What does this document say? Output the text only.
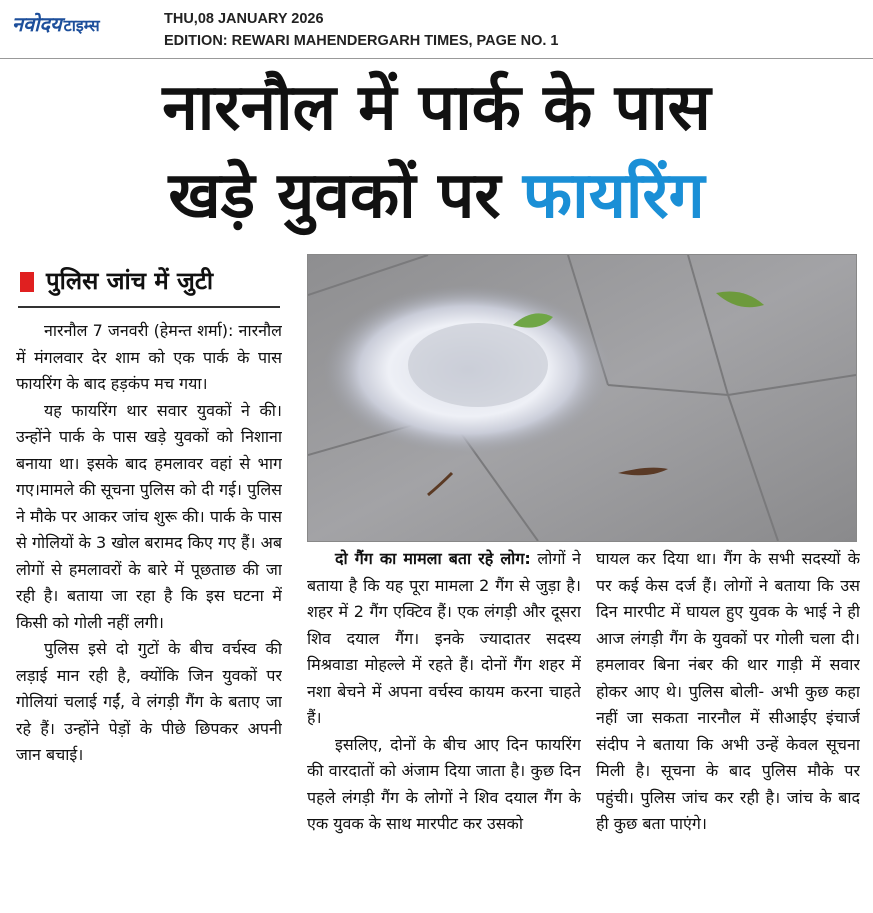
नवोदय टाइम्स	THU,08 JANUARY 2026
EDITION: REWARI MAHENDERGARH TIMES, PAGE NO. 1
नारनौल में पार्क के पास
खड़े युवकों पर फायरिंग
पुलिस जांच में जुटी

नारनौल 7 जनवरी (हेमन्त शर्मा): नारनौल में मंगलवार देर शाम को एक पार्क के पास फायरिंग के बाद हड़कंप मच गया।

यह फायरिंग थार सवार युवकों ने की। उन्होंने पार्क के पास खड़े युवकों को निशाना बनाया था। इसके बाद हमलावर वहां से भाग गए।मामले की सूचना पुलिस को दी गई। पुलिस ने मौके पर आकर जांच शुरू की। पार्क के पास से गोलियों के 3 खोल बरामद किए गए हैं। अब लोगों से हमलावरों के बारे में पूछताछ की जा रही है। बताया जा रहा है कि इस घटना में किसी को गोली नहीं लगी।

पुलिस इसे दो गुटों के बीच वर्चस्व की लड़ाई मान रही है, क्योंकि जिन युवकों पर गोलियां चलाई गईं, वे लंगड़ी गैंग के बताए जा रहे हैं। उन्होंने पेड़ों के पीछे छिपकर अपनी जान बचाई।

दो गैंग का मामला बता रहे लोग: लोगों ने बताया है कि यह पूरा मामला 2 गैंग से जुड़ा है। शहर में 2 गैंग एक्टिव हैं। एक लंगड़ी और दूसरा शिव दयाल गैंग। इनके ज्यादातर सदस्य मिश्रवाडा मोहल्ले में रहते हैं। दोनों गैंग शहर में नशा बेचने में अपना वर्चस्व कायम करना चाहते हैं।

इसलिए, दोनों के बीच आए दिन फायरिंग की वारदातों को अंजाम दिया जाता है। कुछ दिन पहले लंगड़ी गैंग के लोगों ने शिव दयाल गैंग के एक युवक के साथ मारपीट कर उसको

घायल कर दिया था। गैंग के सभी सदस्यों के पर कई केस दर्ज हैं। लोगों ने बताया कि उस दिन मारपीट में घायल हुए युवक के भाई ने ही आज लंगड़ी गैंग के युवकों पर गोली चला दी। हमलावर बिना नंबर की थार गाड़ी में सवार होकर आए थे। पुलिस बोली- अभी कुछ कहा नहीं जा सकता नारनौल में सीआईए इंचार्ज संदीप ने बताया कि अभी उन्हें केवल सूचना मिली है। सूचना के बाद पुलिस मौके पर पहुंची। पुलिस जांच कर रही है। जांच के बाद ही कुछ बता पाएंगे।
